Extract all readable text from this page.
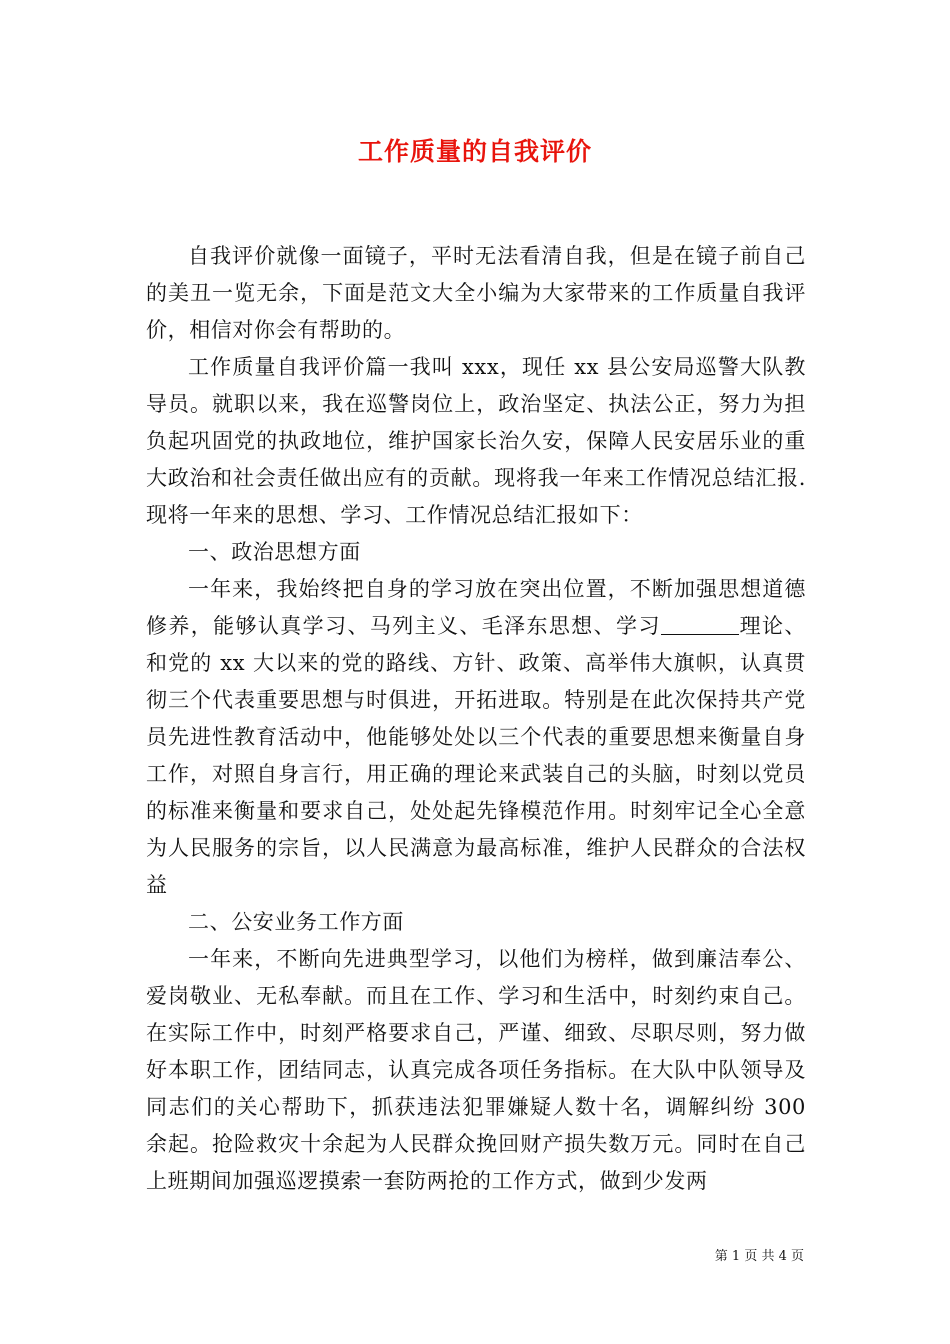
工作质量的自我评价

自我评价就像一面镜子，平时无法看清自我，但是在镜子前自己的美丑一览无余，下面是范文大全小编为大家带来的工作质量自我评价，相信对你会有帮助的。

工作质量自我评价篇一我叫 xxx，现任 xx 县公安局巡警大队教导员。就职以来，我在巡警岗位上，政治坚定、执法公正，努力为担负起巩固党的执政地位，维护国家长治久安，保障人民安居乐业的重大政治和社会责任做出应有的贡献。现将我一年来工作情况总结汇报.现将一年来的思想、学习、工作情况总结汇报如下：

一、政治思想方面

一年来，我始终把自身的学习放在突出位置，不断加强思想道德修养，能够认真学习、马列主义、毛泽东思想、学习	理论、和党的 xx 大以来的党的路线、方针、政策、高举伟大旗帜，认真贯彻三个代表重要思想与时俱进，开拓进取。特别是在此次保持共产党员先进性教育活动中，他能够处处以三个代表的重要思想来衡量自身工作，对照自身言行，用正确的理论来武装自己的头脑，时刻以党员的标准来衡量和要求自己，处处起先锋模范作用。时刻牢记全心全意为人民服务的宗旨，以人民满意为最高标准，维护人民群众的合法权益

二、公安业务工作方面

一年来，不断向先进典型学习，以他们为榜样，做到廉洁奉公、爱岗敬业、无私奉献。而且在工作、学习和生活中，时刻约束自己。在实际工作中，时刻严格要求自己，严谨、细致、尽职尽则，努力做好本职工作，团结同志，认真完成各项任务指标。在大队中队领导及同志们的关心帮助下，抓获违法犯罪嫌疑人数十名，调解纠纷 300 余起。抢险救灾十余起为人民群众挽回财产损失数万元。同时在自己上班期间加强巡逻摸索一套防两抢的工作方式，做到少发两

第 1 页 共 4 页
